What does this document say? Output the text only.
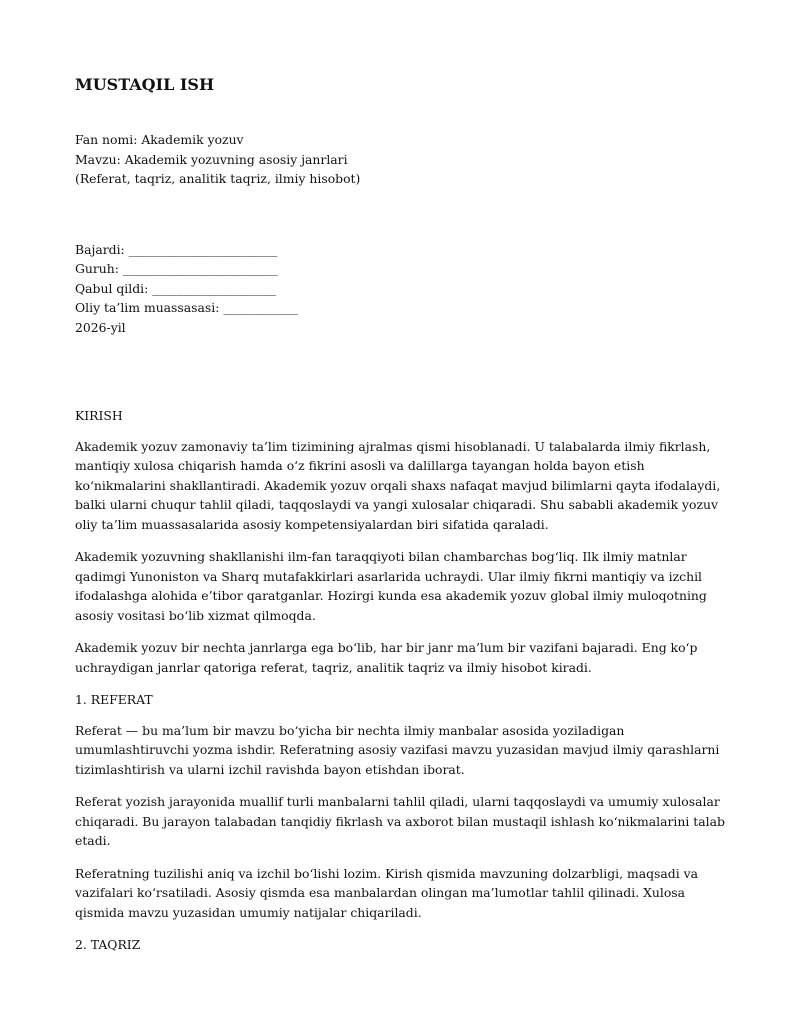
MUSTAQIL ISH
Fan nomi: Akademik yozuv
Mavzu: Akademik yozuvning asosiy janrlari
(Referat, taqriz, analitik taqriz, ilmiy hisobot)
Bajardi: ________________________
Guruh: _________________________
Qabul qildi: ____________________
Oliy ta’lim muassasasi: ____________
2026-yil
KIRISH

Akademik yozuv zamonaviy ta’lim tizimining ajralmas qismi hisoblanadi. U talabalarda ilmiy fikrlash, mantiqiy xulosa chiqarish hamda o‘z fikrini asosli va dalillarga tayangan holda bayon etish ko‘nikmalarini shakllantiradi. Akademik yozuv orqali shaxs nafaqat mavjud bilimlarni qayta ifodalaydi, balki ularni chuqur tahlil qiladi, taqqoslaydi va yangi xulosalar chiqaradi. Shu sababli akademik yozuv oliy ta’lim muassasalarida asosiy kompetensiyalardan biri sifatida qaraladi.

Akademik yozuvning shakllanishi ilm-fan taraqqiyoti bilan chambarchas bog‘liq. Ilk ilmiy matnlar qadimgi Yunoniston va Sharq mutafakkirlari asarlarida uchraydi. Ular ilmiy fikrni mantiqiy va izchil ifodalashga alohida e’tibor qaratganlar. Hozirgi kunda esa akademik yozuv global ilmiy muloqotning asosiy vositasi bo‘lib xizmat qilmoqda.

Akademik yozuv bir nechta janrlarga ega bo‘lib, har bir janr ma’lum bir vazifani bajaradi. Eng ko‘p uchraydigan janrlar qatoriga referat, taqriz, analitik taqriz va ilmiy hisobot kiradi.

1. REFERAT

Referat — bu ma’lum bir mavzu bo‘yicha bir nechta ilmiy manbalar asosida yoziladigan umumlashtiruvchi yozma ishdir. Referatning asosiy vazifasi mavzu yuzasidan mavjud ilmiy qarashlarni tizimlashtirish va ularni izchil ravishda bayon etishdan iborat.

Referat yozish jarayonida muallif turli manbalarni tahlil qiladi, ularni taqqoslaydi va umumiy xulosalar chiqaradi. Bu jarayon talabadan tanqidiy fikrlash va axborot bilan mustaqil ishlash ko‘nikmalarini talab etadi.

Referatning tuzilishi aniq va izchil bo‘lishi lozim. Kirish qismida mavzuning dolzarbligi, maqsadi va vazifalari ko‘rsatiladi. Asosiy qismda esa manbalardan olingan ma’lumotlar tahlil qilinadi. Xulosa qismida mavzu yuzasidan umumiy natijalar chiqariladi.

2. TAQRIZ
